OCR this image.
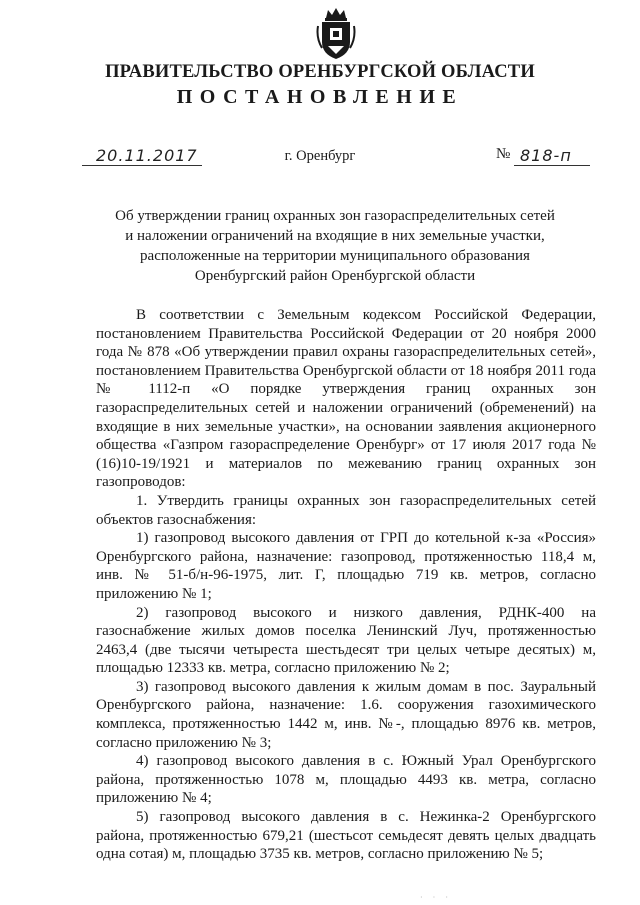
ПРАВИТЕЛЬСТВО ОРЕНБУРГСКОЙ ОБЛАСТИ
ПОСТАНОВЛЕНИЕ
20.11.2017	г. Оренбург	№ 818-п
Об утверждении границ охранных зон газораспределительных сетей
и наложении ограничений на входящие в них земельные участки,
расположенные на территории муниципального образования
Оренбургский район Оренбургской области

В соответствии с Земельным кодексом Российской Федерации, постановлением Правительства Российской Федерации от 20 ноября 2000 года № 878 «Об утверждении правил охраны газораспределительных сетей», постановлением Правительства Оренбургской области от 18 ноября 2011 года № 1112-п «О порядке утверждения границ охранных зон газораспределительных сетей и наложении ограничений (обременений) на входящие в них земельные участки», на основании заявления акционерного общества «Газпром газораспределение Оренбург» от 17 июля 2017 года № (16)10-19/1921 и материалов по межеванию границ охранных зон газопроводов:

1. Утвердить границы охранных зон газораспределительных сетей объектов газоснабжения:

1) газопровод высокого давления от ГРП до котельной к-за «Россия» Оренбургского района, назначение: газопровод, протяженностью 118,4 м, инв. № 51-б/н-96-1975, лит. Г, площадью 719 кв. метров, согласно приложению № 1;

2) газопровод высокого и низкого давления, РДНК-400 на газоснабжение жилых домов поселка Ленинский Луч, протяженностью 2463,4 (две тысячи четыреста шестьдесят три целых четыре десятых) м, площадью 12333 кв. метра, согласно приложению № 2;

3) газопровод высокого давления к жилым домам в пос. Зауральный Оренбургского района, назначение: 1.6. сооружения газохимического комплекса, протяженностью 1442 м, инв. №-, площадью 8976 кв. метров, согласно приложению № 3;

4) газопровод высокого давления в с. Южный Урал Оренбургского района, протяженностью 1078 м, площадью 4493 кв. метра, согласно приложению № 4;

5) газопровод высокого давления в с. Нежинка-2 Оренбургского района, протяженностью 679,21 (шестьсот семьдесят девять целых двадцать одна сотая) м, площадью 3735 кв. метров, согласно приложению № 5;

· · ·
